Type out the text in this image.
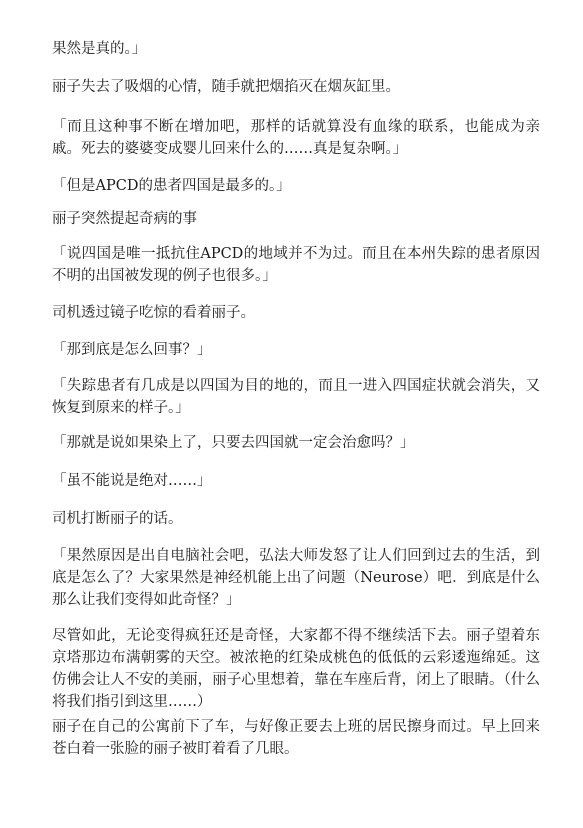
果然是真的。」

丽子失去了吸烟的心情，随手就把烟掐灭在烟灰缸里。

「而且这种事不断在增加吧，那样的话就算没有血缘的联系，也能成为亲戚。死去的婆婆变成婴儿回来什么的……真是复杂啊。」

「但是APCD的患者四国是最多的。」

丽子突然提起奇病的事

「说四国是唯一抵抗住APCD的地域并不为过。而且在本州失踪的患者原因不明的出国被发现的例子也很多。」

司机透过镜子吃惊的看着丽子。

「那到底是怎么回事？」

「失踪患者有几成是以四国为目的地的，而且一进入四国症状就会消失，又恢复到原来的样子。」

「那就是说如果染上了，只要去四国就一定会治愈吗？」

「虽不能说是绝对……」

司机打断丽子的话。

「果然原因是出自电脑社会吧，弘法大师发怒了让人们回到过去的生活，到底是怎么了？大家果然是神经机能上出了问题（Neurose）吧．到底是什么那么让我们变得如此奇怪？」

尽管如此，无论变得疯狂还是奇怪，大家都不得不继续活下去。丽子望着东京塔那边布满朝雾的天空。被浓艳的红染成桃色的低低的云彩逶迤绵延。这仿佛会让人不安的美丽，丽子心里想着，靠在车座后背，闭上了眼睛。（什么将我们指引到这里……）

丽子在自己的公寓前下了车，与好像正要去上班的居民擦身而过。早上回来苍白着一张脸的丽子被盯着看了几眼。
